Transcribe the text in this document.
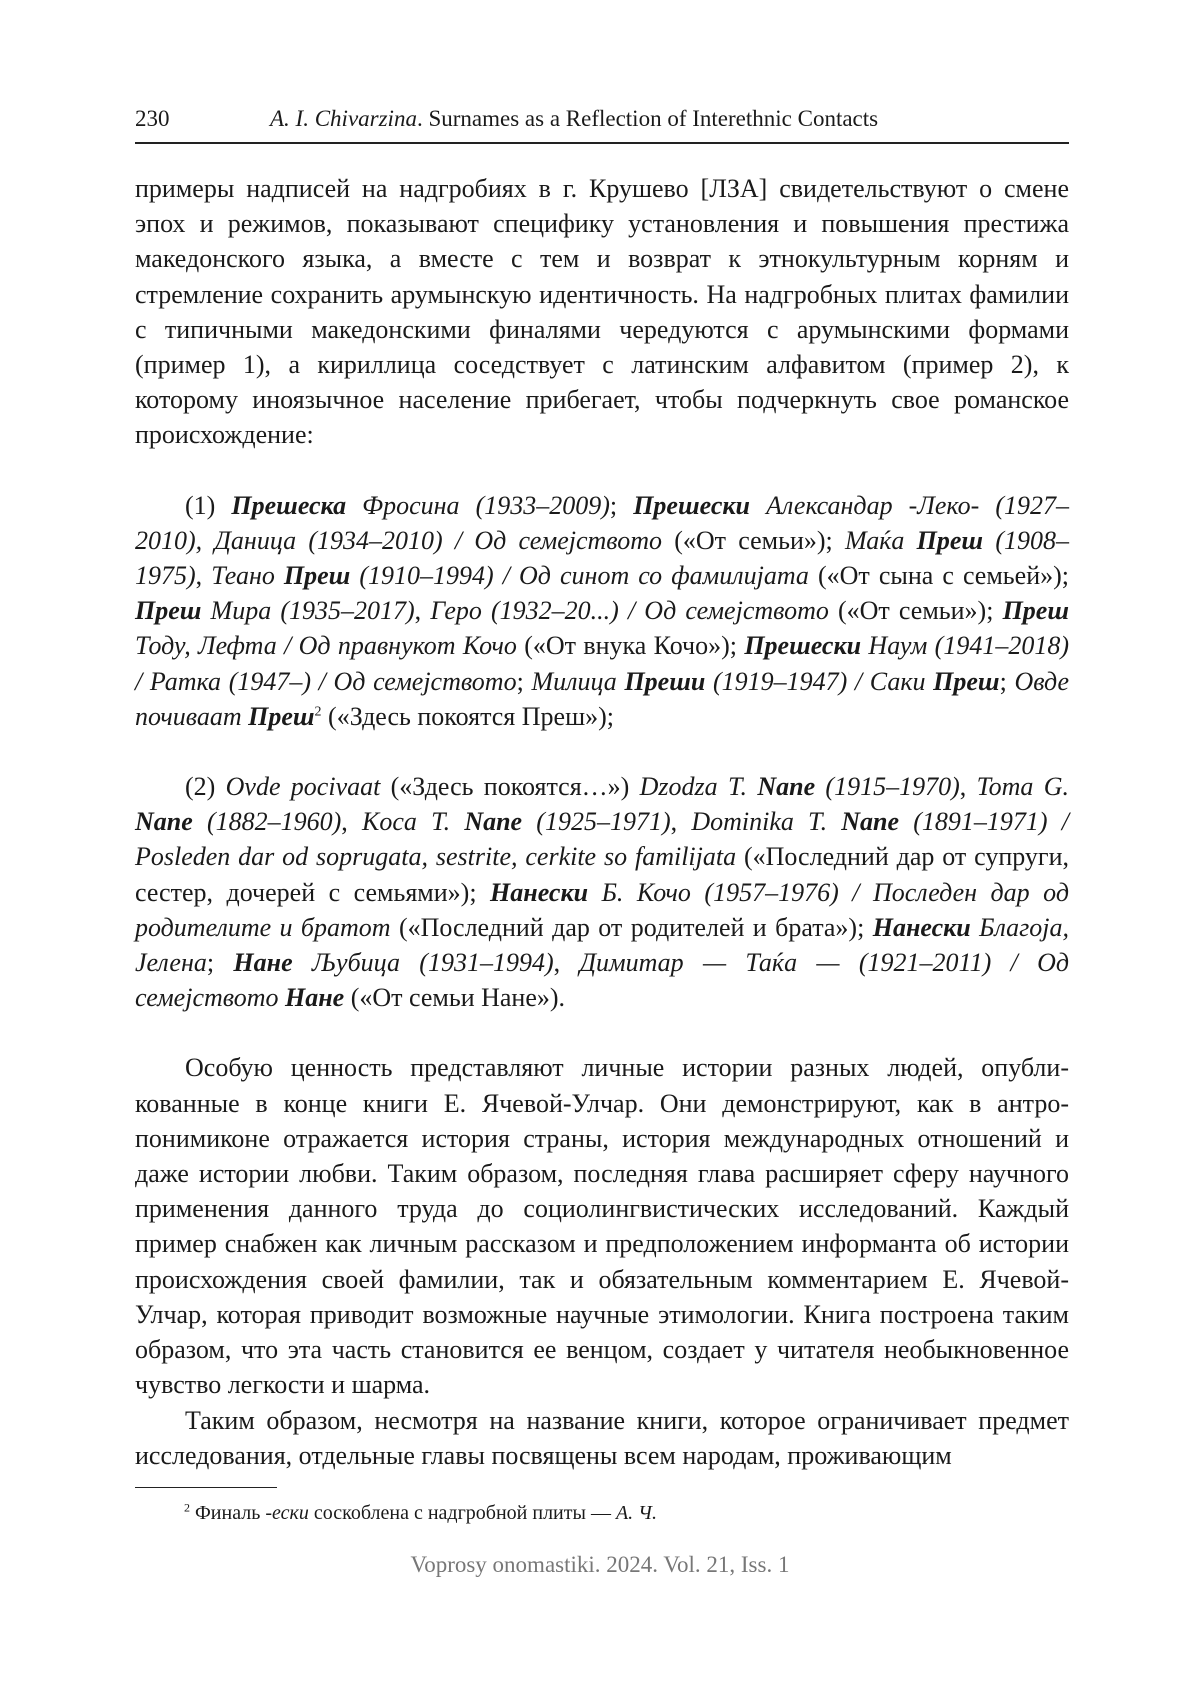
230	A. I. Chivarzina. Surnames as a Reflection of Interethnic Contacts

примеры надписей на надгробиях в г. Крушево [ЛЗА] свидетельствуют о смене эпох и режимов, показывают специфику установления и повышения престижа македонского языка, а вместе с тем и возврат к этнокультурным корням и стремление сохранить арумынскую идентичность. На надгробных плитах фамилии с типичными македонскими финалями чередуются с арумынскими формами (пример 1), а кириллица соседствует с латинским алфавитом (пример 2), к которому иноязычное население прибегает, чтобы подчеркнуть свое романское происхождение:

(1) Прешеска Фросина (1933–2009); Прешески Александар -Леко- (1927–2010), Даница (1934–2010) / Од семејството («От семьи»); Маќа Преш (1908–1975), Теано Преш (1910–1994) / Од синот со фамилијата («От сына с семьей»); Преш Мира (1935–2017), Геро (1932–20...) / Од семејството («От семьи»); Преш Тоду, Лефта / Од правнукот Кочо («От внука Кочо»); Прешески Наум (1941–2018) / Ратка (1947–) / Од семејството; Милица Преши (1919–1947) / Саки Преш; Овде почиваат Преш$^2$ («Здесь покоятся Преш»);

(2) Ovde pocivaat («Здесь покоятся…») Dzodza T. Nane (1915–1970), Toma G. Nane (1882–1960), Koca T. Nane (1925–1971), Dominika T. Nane (1891–1971) / Posleden dar od soprugata, sestrite, cerkite so familijata («Последний дар от супруги, сестер, дочерей с семьями»); Нанески Б. Кочо (1957–1976) / Последен дар од родителите и братот («Последний дар от родителей и брата»); Нанески Благоја, Јелена; Нане Љубица (1931–1994), Димитар — Таќа — (1921–2011) / Од семејството Нане («От семьи Нане»).

Особую ценность представляют личные истории разных людей, опубликованные в конце книги Е. Ячевой-Улчар. Они демонстрируют, как в антропонимиконе отражается история страны, история международных отношений и даже истории любви. Таким образом, последняя глава расширяет сферу научного применения данного труда до социолингвистических исследований. Каждый пример снабжен как личным рассказом и предположением информанта об истории происхождения своей фамилии, так и обязательным комментарием Е. Ячевой-Улчар, которая приводит возможные научные этимологии. Книга построена таким образом, что эта часть становится ее венцом, создает у читателя необыкновенное чувство легкости и шарма.

Таким образом, несмотря на название книги, которое ограничивает предмет исследования, отдельные главы посвящены всем народам, проживающим

$^2$ Финаль -ески соскоблена с надгробной плиты — А. Ч.
Voprosy onomastiki. 2024. Vol. 21, Iss. 1
